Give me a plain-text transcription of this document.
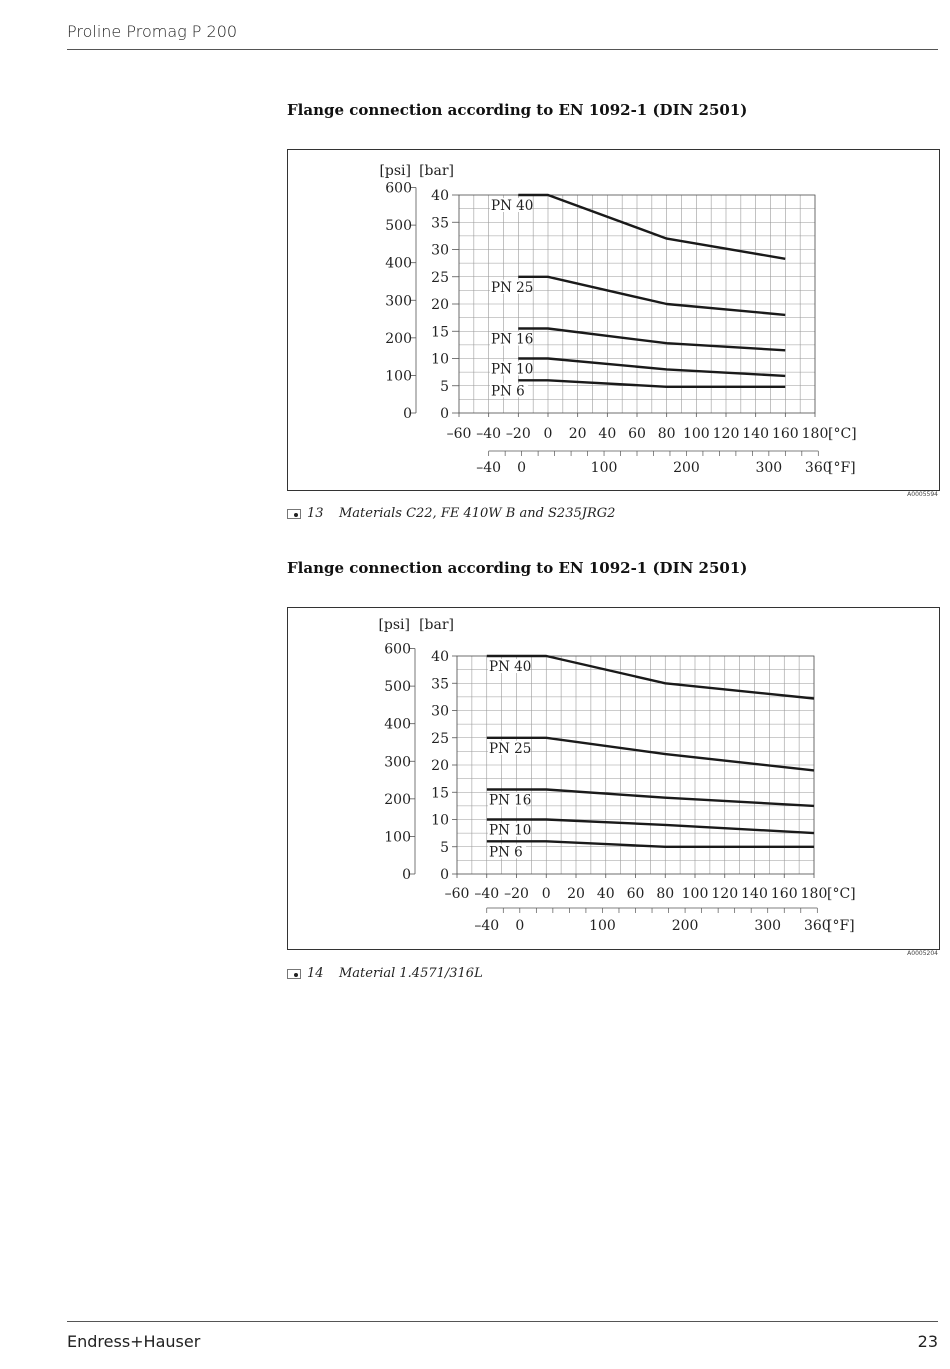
Proline Promag P 200
Flange connection according to EN 1092-1 (DIN 2501)
0
5
10
15
20
25
30
35
40
0
100
200
300
400
500
600
[psi] [bar]
–60 –40 –20 0 20 40 60 80 100 120 140 160 180 [°C]
–40 0	100	200	300 360
[°F]
PN 40
PN 25
PN 16
PN 10
PN 6
A0005594
13	Materials C22, FE 410W B and S235JRG2
Flange connection according to EN 1092-1 (DIN 2501)
0
5
10
15
20
25
30
35
40
0
100
200
300
400
500
600
[psi] [bar]
–60 –40 –20 0 20 40 60 80 100 120 140 160 180 [°C]
–40 0	100	200	300 360
[°F]
PN 40
PN 25
PN 16
PN 10
PN 6
A0005204
14	Material 1.4571/316L
Endress+Hauser	23
